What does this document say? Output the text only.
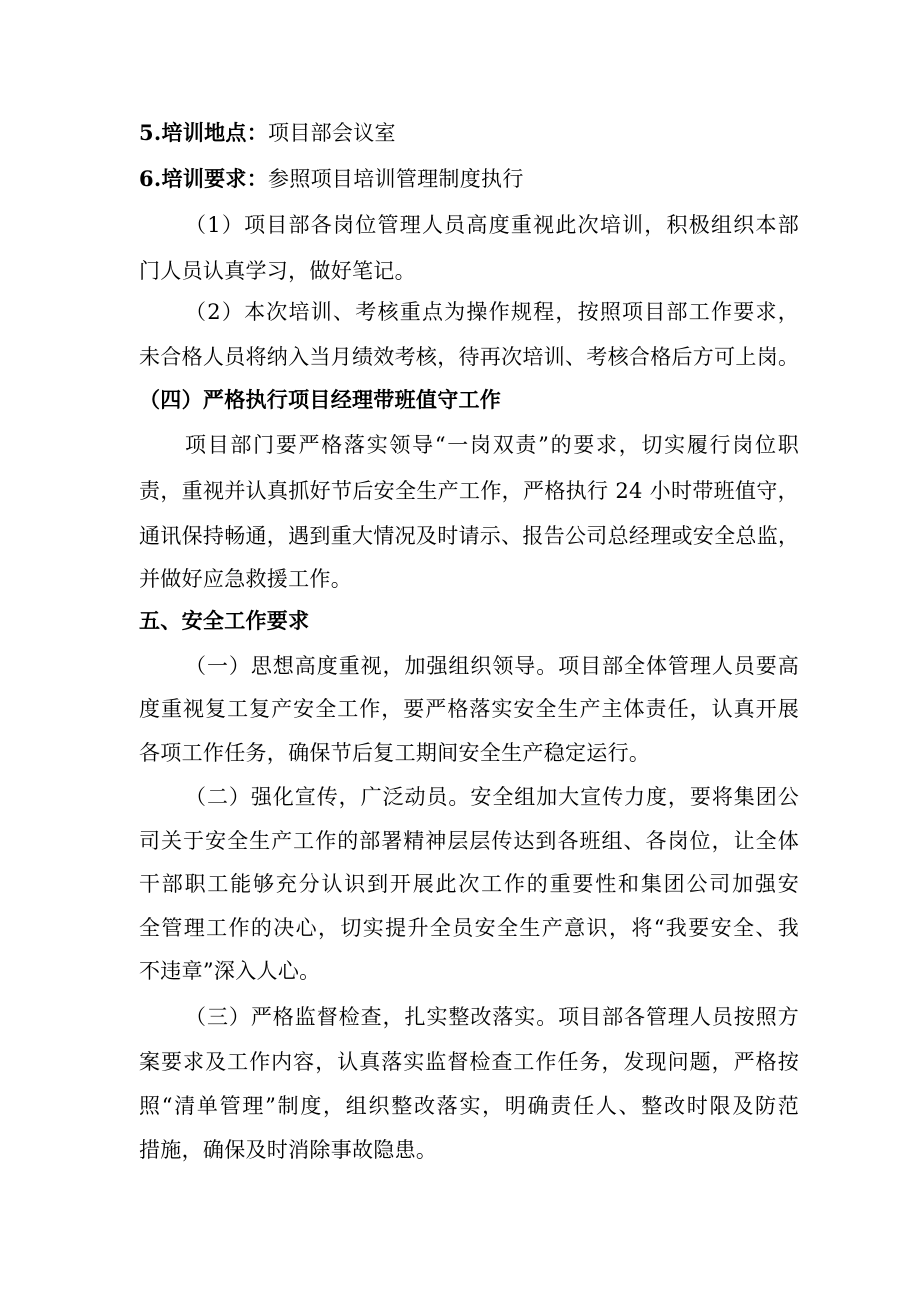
5.培训地点：项目部会议室
6.培训要求：参照项目培训管理制度执行
（1）项目部各岗位管理人员高度重视此次培训，积极组织本部
门人员认真学习，做好笔记。
（2）本次培训、考核重点为操作规程，按照项目部工作要求，
未合格人员将纳入当月绩效考核，待再次培训、考核合格后方可上岗。
（四）严格执行项目经理带班值守工作
项目部门要严格落实领导“一岗双责”的要求，切实履行岗位职
责，重视并认真抓好节后安全生产工作，严格执行 24 小时带班值守，
通讯保持畅通，遇到重大情况及时请示、报告公司总经理或安全总监，
并做好应急救援工作。
五、安全工作要求
（一）思想高度重视，加强组织领导。项目部全体管理人员要高
度重视复工复产安全工作，要严格落实安全生产主体责任，认真开展
各项工作任务，确保节后复工期间安全生产稳定运行。
（二）强化宣传，广泛动员。安全组加大宣传力度，要将集团公
司关于安全生产工作的部署精神层层传达到各班组、各岗位，让全体
干部职工能够充分认识到开展此次工作的重要性和集团公司加强安
全管理工作的决心，切实提升全员安全生产意识，将“我要安全、我
不违章”深入人心。
（三）严格监督检查，扎实整改落实。项目部各管理人员按照方
案要求及工作内容，认真落实监督检查工作任务，发现问题，严格按
照“清单管理”制度，组织整改落实，明确责任人、整改时限及防范
措施，确保及时消除事故隐患。
